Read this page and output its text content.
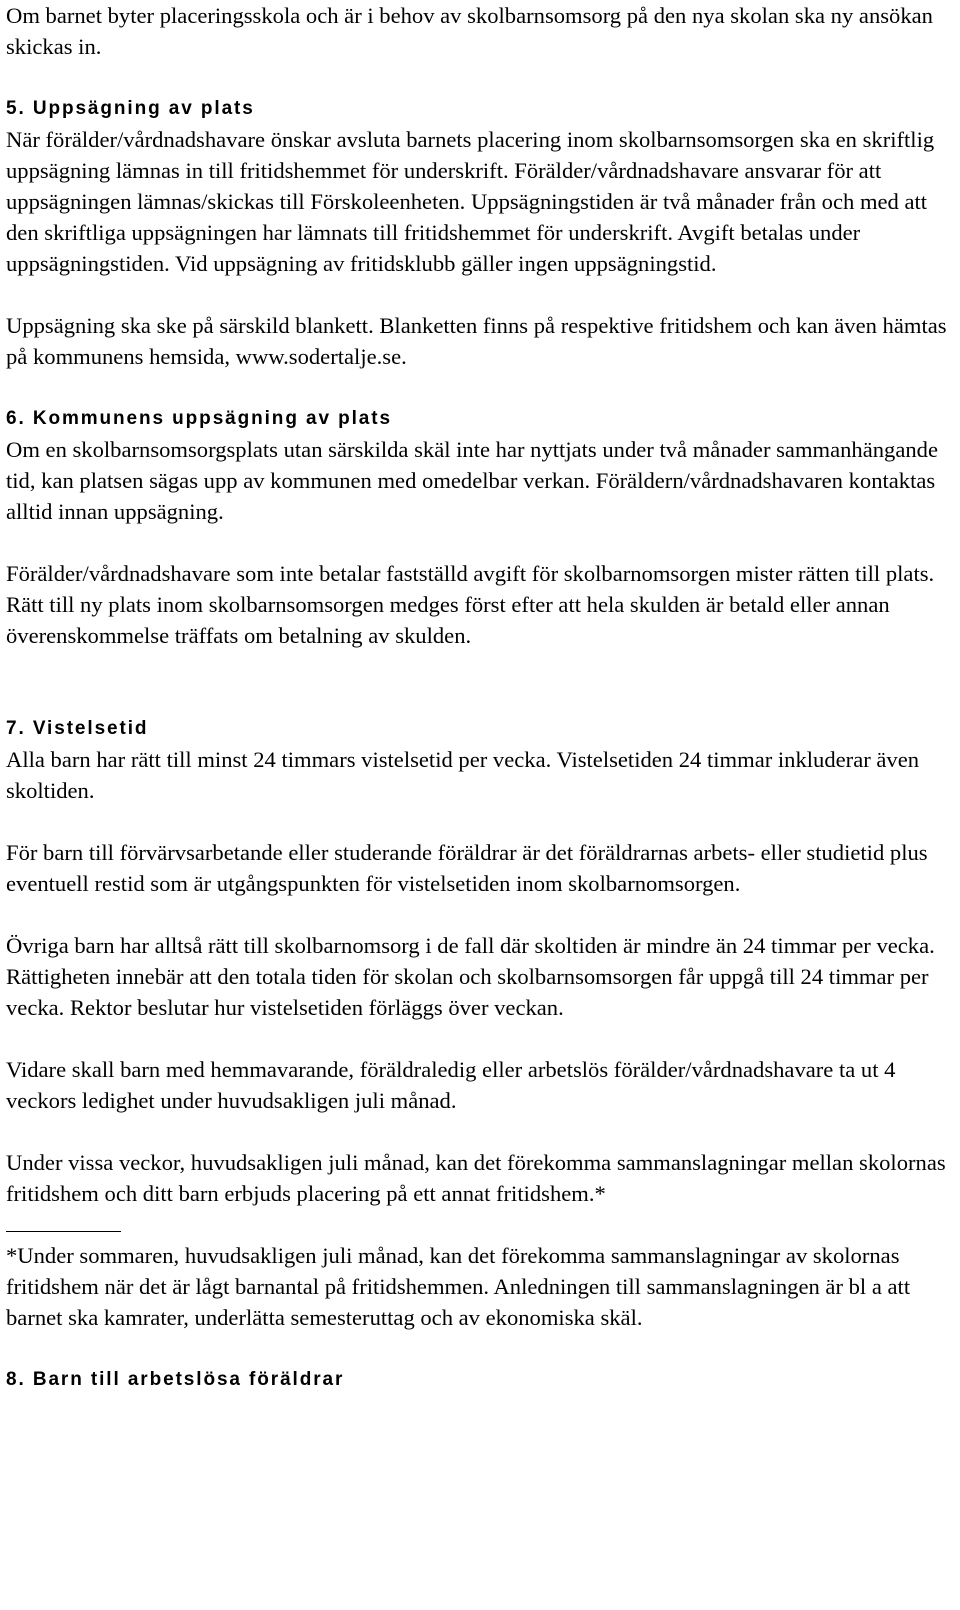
Om barnet byter placeringsskola och är i behov av skolbarnsomsorg på den nya skolan ska ny ansökan skickas in.

5. Uppsägning av plats

När förälder/vårdnadshavare önskar avsluta barnets placering inom skolbarnsomsorgen ska en skriftlig uppsägning lämnas in till fritidshemmet för underskrift. Förälder/vårdnadshavare ansvarar för att uppsägningen lämnas/skickas till Förskoleenheten. Uppsägningstiden är två månader från och med att den skriftliga uppsägningen har lämnats till fritidshemmet för underskrift. Avgift betalas under uppsägningstiden. Vid uppsägning av fritidsklubb gäller ingen uppsägningstid.

Uppsägning ska ske på särskild blankett. Blanketten finns på respektive fritidshem och kan även hämtas på kommunens hemsida, www.sodertalje.se.

6. Kommunens uppsägning av plats

Om en skolbarnsomsorgsplats utan särskilda skäl inte har nyttjats under två månader sammanhängande tid, kan platsen sägas upp av kommunen med omedelbar verkan. Föräldern/vårdnadshavaren kontaktas alltid innan uppsägning.

Förälder/vårdnadshavare som inte betalar fastställd avgift för skolbarnomsorgen mister rätten till plats. Rätt till ny plats inom skolbarnsomsorgen medges först efter att hela skulden är betald eller annan överenskommelse träffats om betalning av skulden.

7. Vistelsetid

Alla barn har rätt till minst 24 timmars vistelsetid per vecka. Vistelsetiden 24 timmar inkluderar även skoltiden.

För barn till förvärvsarbetande eller studerande föräldrar är det föräldrarnas arbets- eller studietid plus eventuell restid som är utgångspunkten för vistelsetiden inom skolbarnomsorgen.

Övriga barn har alltså rätt till skolbarnomsorg i de fall där skoltiden är mindre än 24 timmar per vecka. Rättigheten innebär att den totala tiden för skolan och skolbarnsomsorgen får uppgå till 24 timmar per vecka. Rektor beslutar hur vistelsetiden förläggs över veckan.

Vidare skall barn med hemmavarande, föräldraledig eller arbetslös förälder/vårdnadshavare ta ut 4 veckors ledighet under huvudsakligen juli månad.

Under vissa veckor, huvudsakligen juli månad, kan det förekomma sammanslagningar mellan skolornas fritidshem och ditt barn erbjuds placering på ett annat fritidshem.*

*Under sommaren, huvudsakligen juli månad, kan det förekomma sammanslagningar av skolornas fritidshem när det är lågt barnantal på fritidshemmen. Anledningen till sammanslagningen är bl a att barnet ska kamrater, underlätta semesteruttag och av ekonomiska skäl.

8. Barn till arbetslösa föräldrar
